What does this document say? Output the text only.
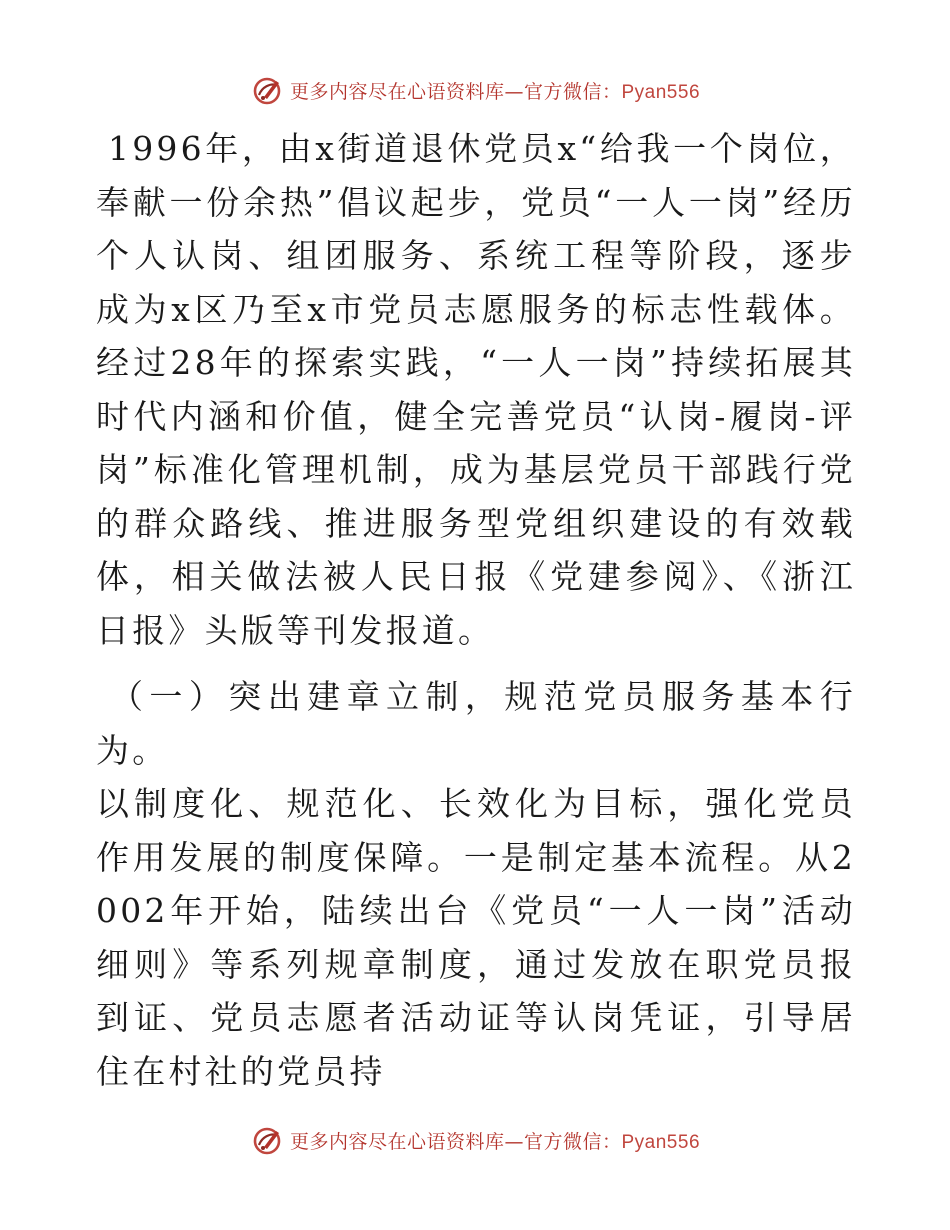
更多内容尽在心语资料库—官方微信：Pyan556

1996年，由x街道退休党员x“给我一个岗位，奉献一份余热”倡议起步，党员“一人一岗”经历个人认岗、组团服务、系统工程等阶段，逐步成为x区乃至x市党员志愿服务的标志性载体。经过28年的探索实践，“一人一岗”持续拓展其时代内涵和价值，健全完善党员“认岗-履岗-评岗”标准化管理机制，成为基层党员干部践行党的群众路线、推进服务型党组织建设的有效载体，相关做法被人民日报《党建参阅》、《浙江日报》头版等刊发报道。

（一）突出建章立制，规范党员服务基本行为。

以制度化、规范化、长效化为目标，强化党员作用发展的制度保障。一是制定基本流程。从2002年开始，陆续出台《党员“一人一岗”活动细则》等系列规章制度，通过发放在职党员报到证、党员志愿者活动证等认岗凭证，引导居住在村社的党员持

更多内容尽在心语资料库—官方微信：Pyan556
